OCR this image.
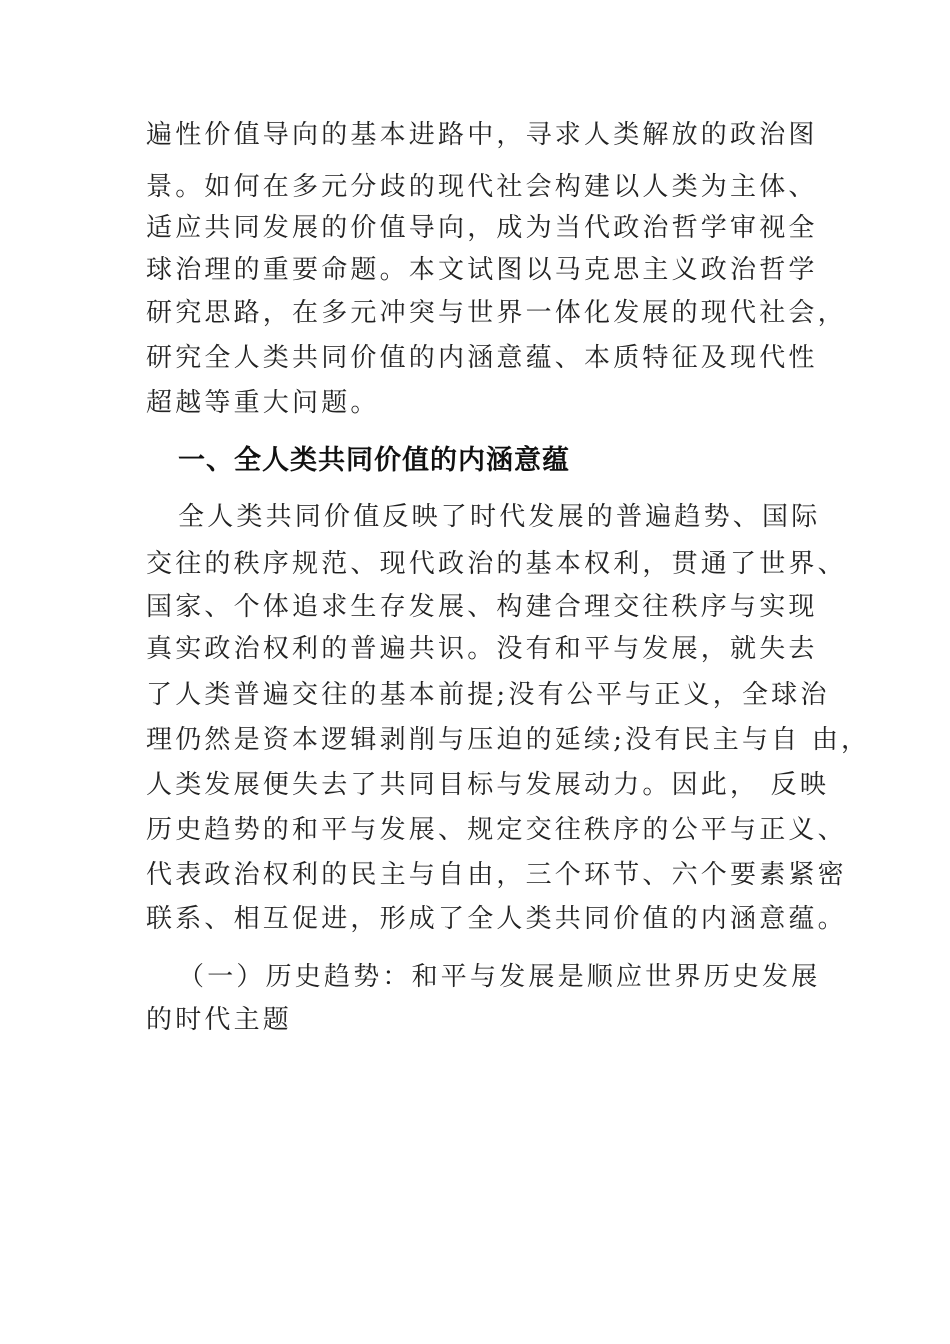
遍性价值导向的基本进路中，寻求人类解放的政治图
景。如何在多元分歧的现代社会构建以人类为主体、
适应共同发展的价值导向，成为当代政治哲学审视全
球治理的重要命题。本文试图以马克思主义政治哲学
研究思路，在多元冲突与世界一体化发展的现代社会，
研究全人类共同价值的内涵意蕴、本质特征及现代性
超越等重大问题。
一、全人类共同价值的内涵意蕴
全人类共同价值反映了时代发展的普遍趋势、国际
交往的秩序规范、现代政治的基本权利，贯通了世界、
国家、个体追求生存发展、构建合理交往秩序与实现
真实政治权利的普遍共识。没有和平与发展，就失去
了人类普遍交往的基本前提;没有公平与正义，全球治
理仍然是资本逻辑剥削与压迫的延续;没有民主与自 由，
人类发展便失去了共同目标与发展动力。因此， 反映
历史趋势的和平与发展、规定交往秩序的公平与正义、
代表政治权利的民主与自由，三个环节、六个要素紧密
联系、相互促进，形成了全人类共同价值的内涵意蕴。
（一）历史趋势：和平与发展是顺应世界历史发展
的时代主题
